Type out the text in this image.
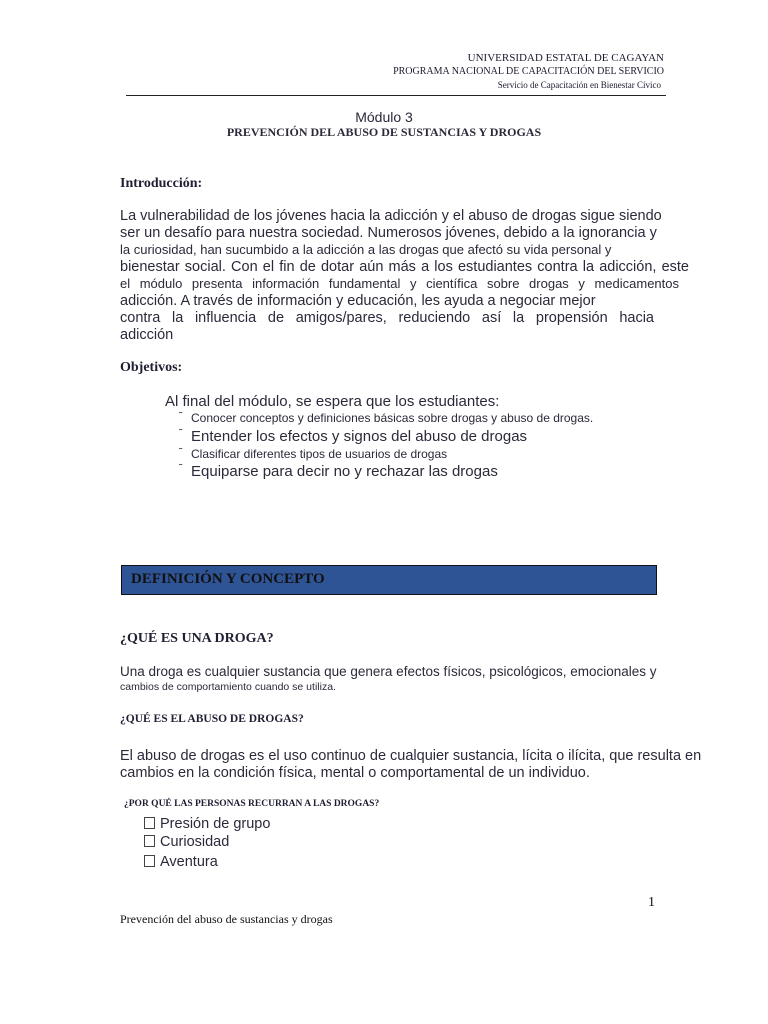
UNIVERSIDAD ESTATAL DE CAGAYAN
PROGRAMA NACIONAL DE CAPACITACIÓN DEL SERVICIO
Servicio de Capacitación en Bienestar Cívico
Módulo 3
PREVENCIÓN DEL ABUSO DE SUSTANCIAS Y DROGAS
Introducción:
La vulnerabilidad de los jóvenes hacia la adicción y el abuso de drogas sigue siendo
ser un desafío para nuestra sociedad. Numerosos jóvenes, debido a la ignorancia y
la curiosidad, han sucumbido a la adicción a las drogas que afectó su vida personal y
bienestar social. Con el fin de dotar aún más a los estudiantes contra la adicción, este
el módulo presenta información fundamental y científica sobre drogas y medicamentos
adicción. A través de información y educación, les ayuda a negociar mejor
contra la influencia de amigos/pares, reduciendo así la propensión hacia
adicción
Objetivos:
Al final del módulo, se espera que los estudiantes:
˜ Conocer conceptos y definiciones básicas sobre drogas y abuso de drogas.
˜ Entender los efectos y signos del abuso de drogas
˜ Clasificar diferentes tipos de usuarios de drogas
˜ Equiparse para decir no y rechazar las drogas
DEFINICIÓN Y CONCEPTO
¿QUÉ ES UNA DROGA?
Una droga es cualquier sustancia que genera efectos físicos, psicológicos, emocionales y
cambios de comportamiento cuando se utiliza.
¿QUÉ ES EL ABUSO DE DROGAS?
El abuso de drogas es el uso continuo de cualquier sustancia, lícita o ilícita, que resulta en
cambios en la condición física, mental o comportamental de un individuo.
¿POR QUÉ LAS PERSONAS RECURRAN A LAS DROGAS?
Presión de grupo
Curiosidad
Aventura
1
Prevención del abuso de sustancias y drogas
